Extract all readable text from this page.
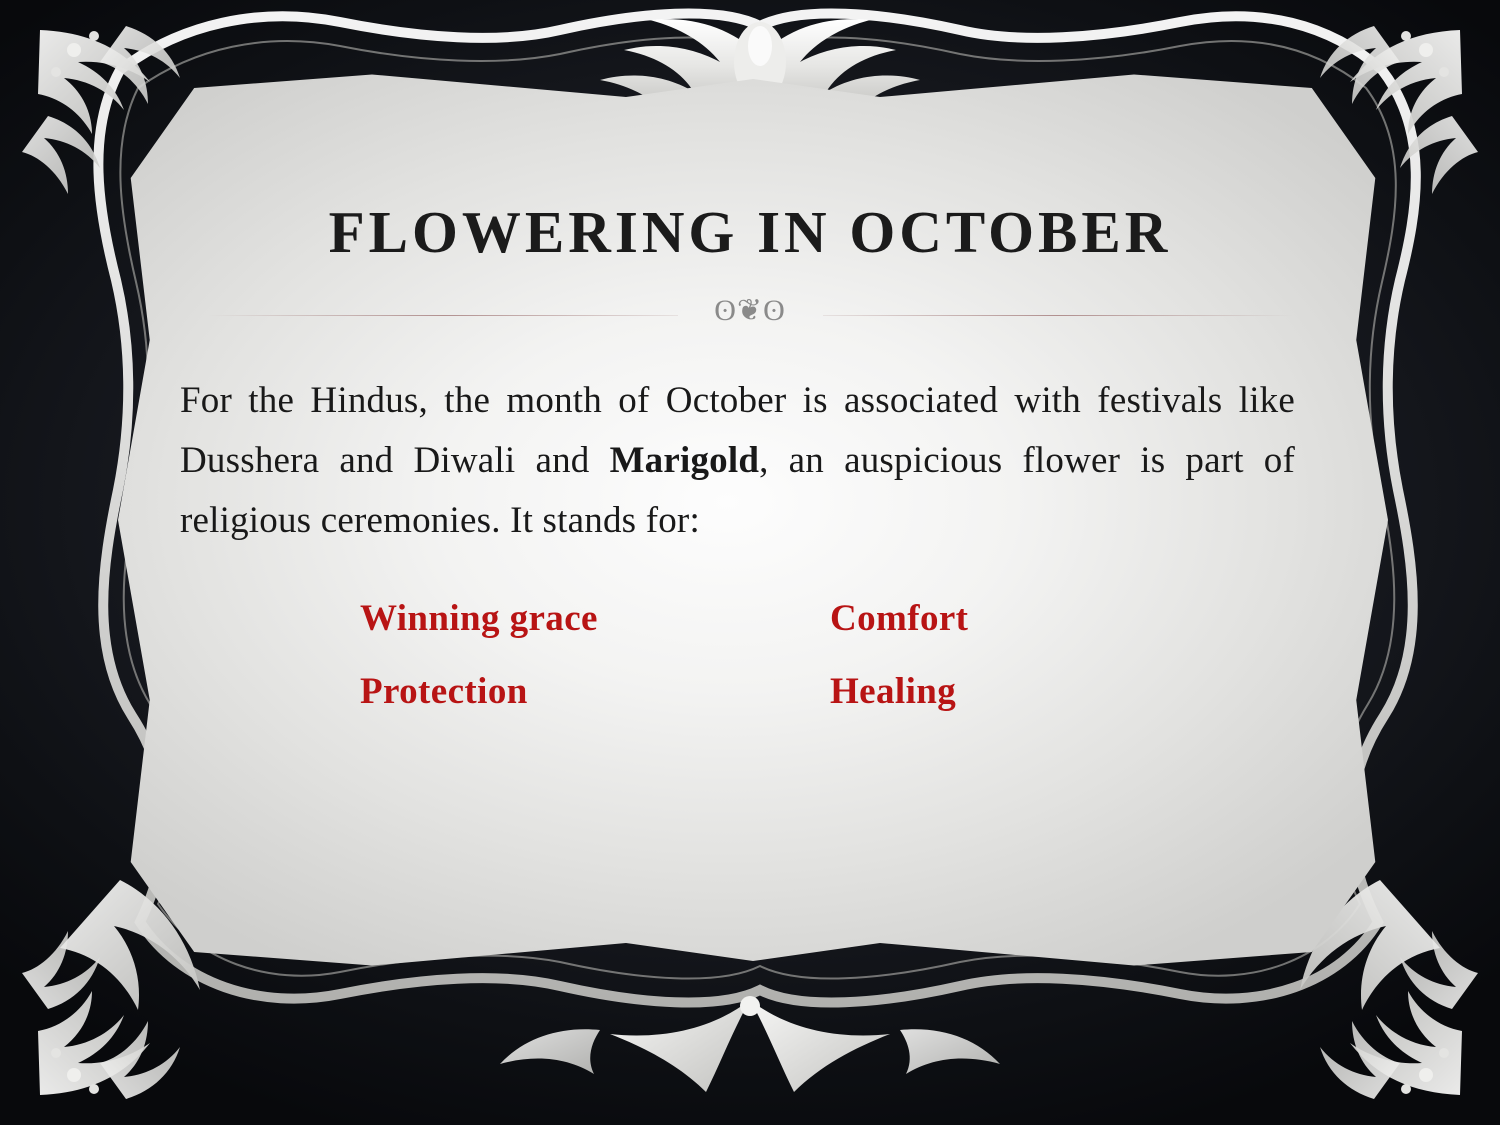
FLOWERING IN OCTOBER
ʘ❦ʘ

For the Hindus, the month of October is associated with festivals like Dusshera and Diwali and Marigold, an auspicious flower is part of religious ceremonies. It stands for:

Winning grace	Comfort
Protection	Healing
